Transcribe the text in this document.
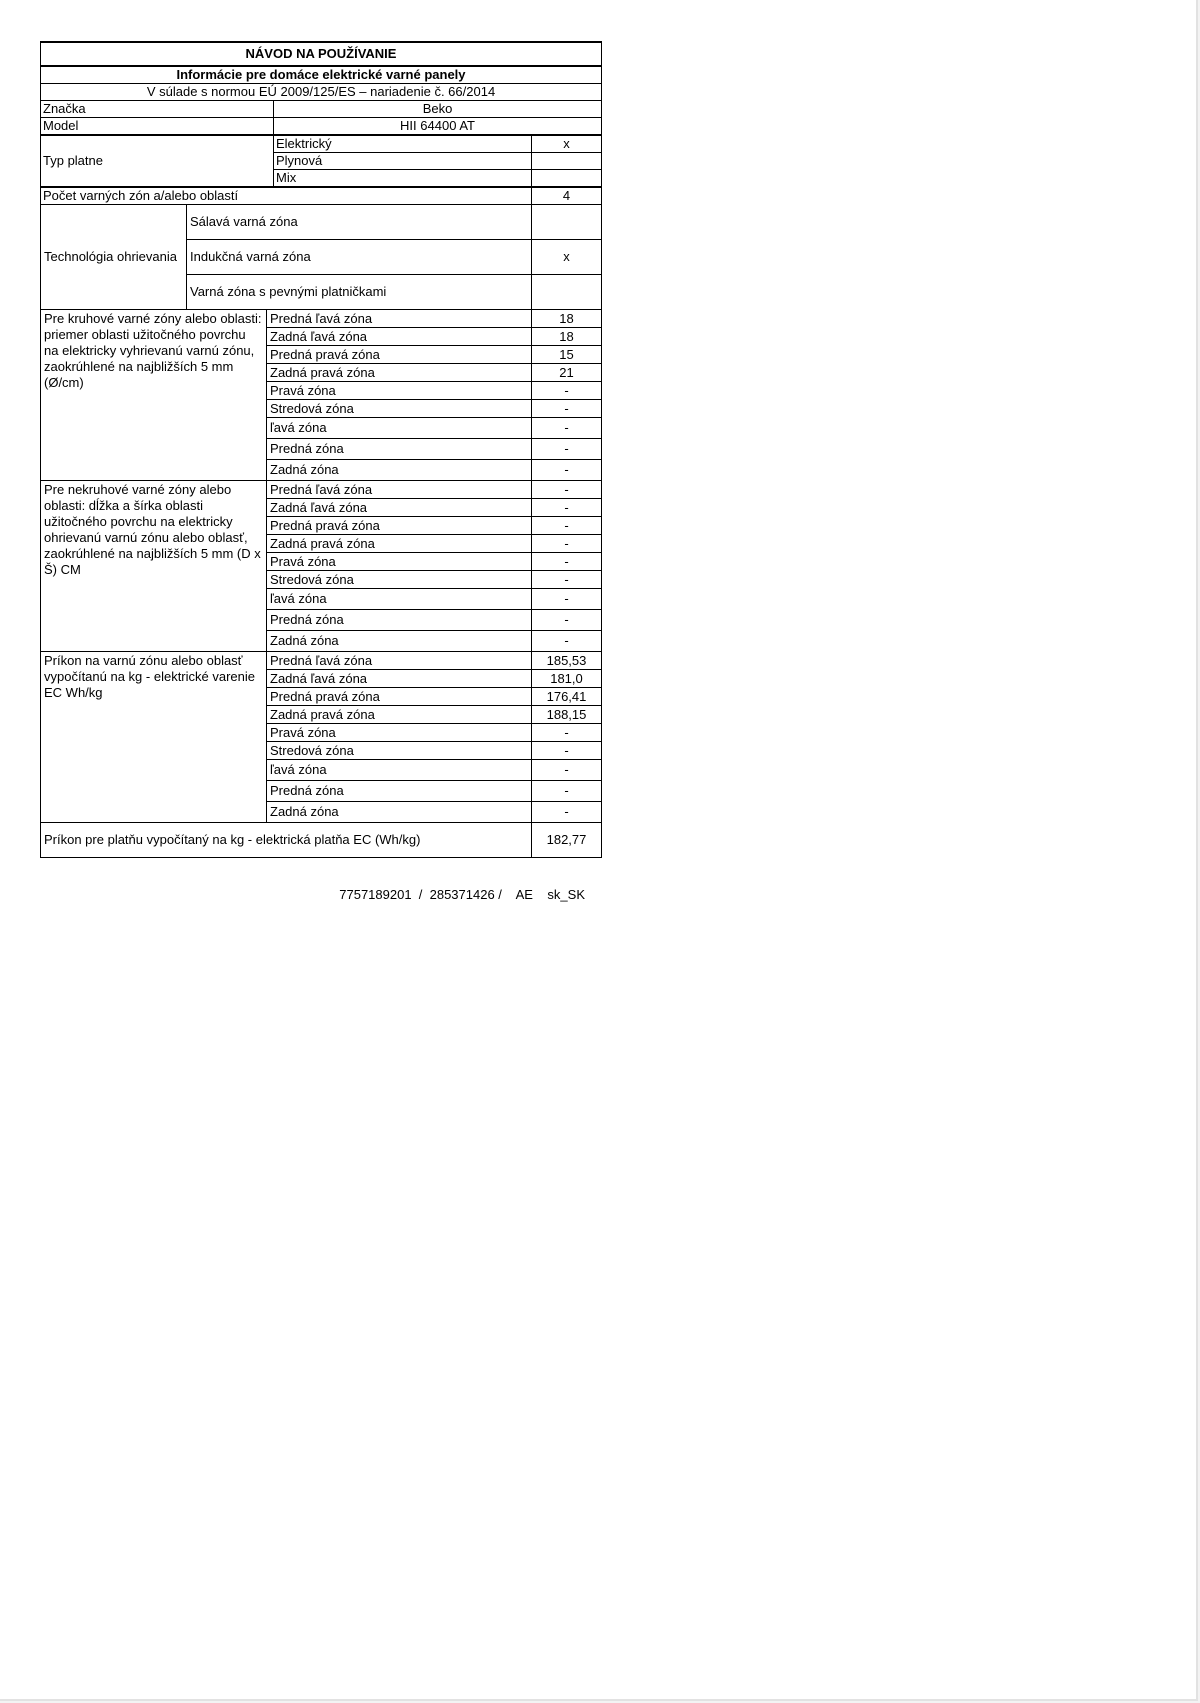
NÁVOD NA POUŽÍVANIE		
Informácie pre domáce elektrické varné panely		
V súlade s normou EÚ 2009/125/ES – nariadenie č. 66/2014		
Značka	Beko	
Model	HII 64400 AT	
Typ platne	Elektrický	x
	Plynová	
	Mix	
Počet varných zón a/alebo oblastí		4
Technológia ohrievania	Sálavá varná zóna		
	Indukčná varná zóna		x
	Varná zóna s pevnými platničkami		
Pre kruhové varné zóny alebo oblasti: priemer oblasti užitočného povrchu na elektricky vyhrievanú varnú zónu, zaokrúhlené na najbližších 5 mm (Ø/cm)		Predná ľavá zóna	18
		Zadná ľavá zóna	18
		Predná pravá zóna	15
		Zadná pravá zóna	21
		Pravá zóna	-
		Stredová zóna	-
		ľavá zóna	-
		Predná zóna	-
		Zadná zóna	-
Pre nekruhové varné zóny alebo oblasti: dĺžka a šírka oblasti užitočného povrchu na elektricky ohrievanú varnú zónu alebo oblasť, zaokrúhlené na najbližších 5 mm (D x Š) CM		Predná ľavá zóna	-
		Zadná ľavá zóna	-
		Predná pravá zóna	-
		Zadná pravá zóna	-
		Pravá zóna	-
		Stredová zóna	-
		ľavá zóna	-
		Predná zóna	-
		Zadná zóna	-
Príkon na varnú zónu alebo oblasť vypočítanú na kg - elektrické varenie EC Wh/kg		Predná ľavá zóna	185,53
		Zadná ľavá zóna	181,0
		Predná pravá zóna	176,41
		Zadná pravá zóna	188,15
		Pravá zóna	-
		Stredová zóna	-
		ľavá zóna	-
		Predná zóna	-
		Zadná zóna	-
Príkon pre platňu vypočítaný na kg - elektrická platňa EC (Wh/kg)			182,77
7757189201  /  285371426 /    AE    sk_SK
